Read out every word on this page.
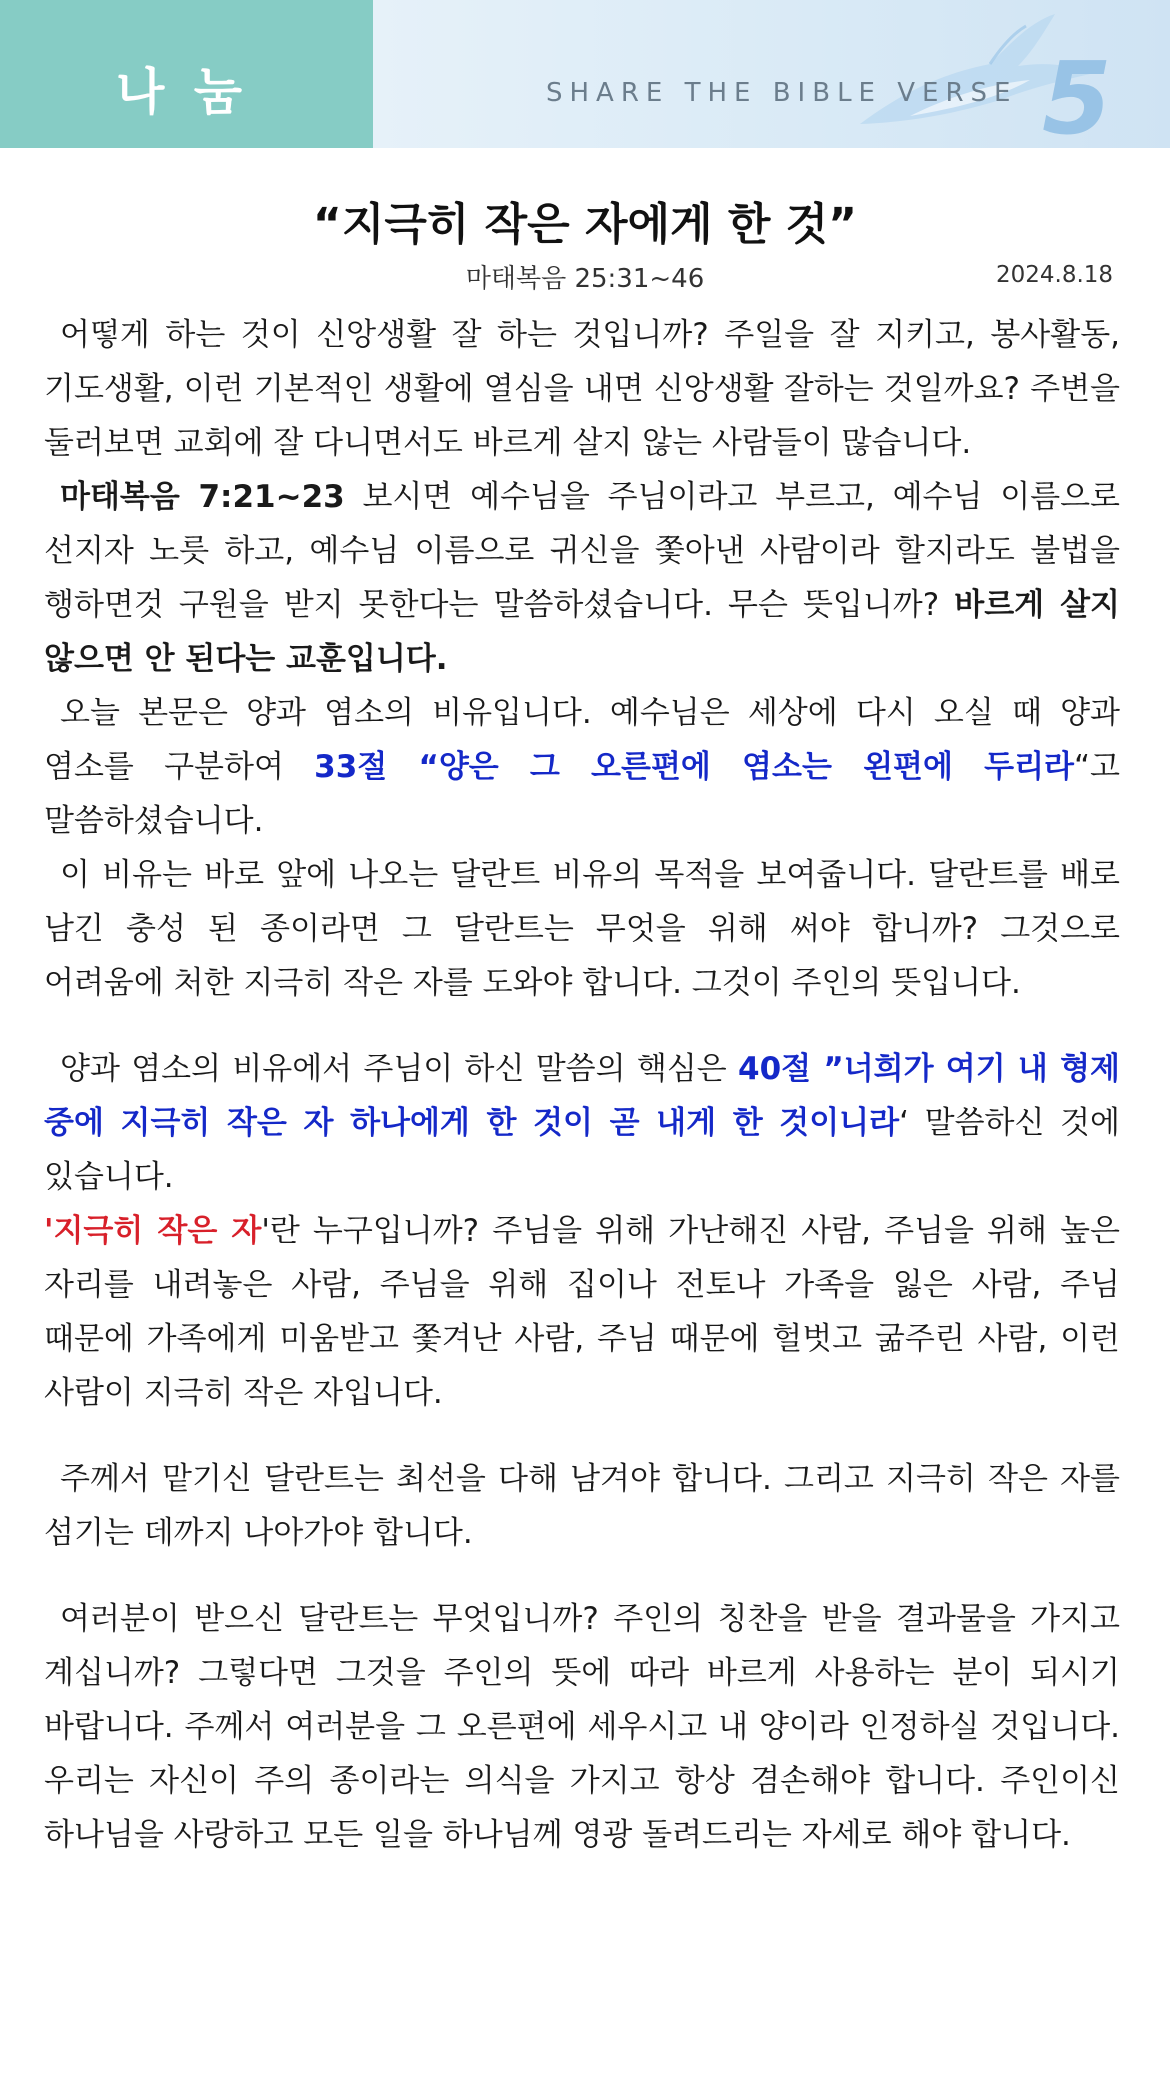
나 눔	SHARE THE BIBLE VERSE 5
“지극히 작은 자에게 한 것”
마태복음 25:31~46	2024.8.18

어떻게 하는 것이 신앙생활 잘 하는 것입니까? 주일을 잘 지키고, 봉사활동, 기도생활, 이런 기본적인 생활에 열심을 내면 신앙생활 잘하는 것일까요? 주변을 둘러보면 교회에 잘 다니면서도 바르게 살지 않는 사람들이 많습니다.

마태복음 7:21~23 보시면 예수님을 주님이라고 부르고, 예수님 이름으로 선지자 노릇 하고, 예수님 이름으로 귀신을 쫓아낸 사람이라 할지라도 불법을 행하면것 구원을 받지 못한다는 말씀하셨습니다. 무슨 뜻입니까? 바르게 살지 않으면 안 된다는 교훈입니다.

오늘 본문은 양과 염소의 비유입니다. 예수님은 세상에 다시 오실 때 양과 염소를 구분하여 33절 “양은 그 오른편에 염소는 왼편에 두리라“고 말씀하셨습니다.

이 비유는 바로 앞에 나오는 달란트 비유의 목적을 보여줍니다. 달란트를 배로 남긴 충성 된 종이라면 그 달란트는 무엇을 위해 써야 합니까? 그것으로 어려움에 처한 지극히 작은 자를 도와야 합니다. 그것이 주인의 뜻입니다.

양과 염소의 비유에서 주님이 하신 말씀의 핵심은 40절 ”너희가 여기 내 형제 중에 지극히 작은 자 하나에게 한 것이 곧 내게 한 것이니라‘ 말씀하신 것에 있습니다.

'지극히 작은 자'란 누구입니까? 주님을 위해 가난해진 사람, 주님을 위해 높은 자리를 내려놓은 사람, 주님을 위해 집이나 전토나 가족을 잃은 사람, 주님 때문에 가족에게 미움받고 쫓겨난 사람, 주님 때문에 헐벗고 굶주린 사람, 이런 사람이 지극히 작은 자입니다.

주께서 맡기신 달란트는 최선을 다해 남겨야 합니다. 그리고 지극히 작은 자를 섬기는 데까지 나아가야 합니다.

여러분이 받으신 달란트는 무엇입니까? 주인의 칭찬을 받을 결과물을 가지고 계십니까? 그렇다면 그것을 주인의 뜻에 따라 바르게 사용하는 분이 되시기 바랍니다. 주께서 여러분을 그 오른편에 세우시고 내 양이라 인정하실 것입니다. 우리는 자신이 주의 종이라는 의식을 가지고 항상 겸손해야 합니다. 주인이신 하나님을 사랑하고 모든 일을 하나님께 영광 돌려드리는 자세로 해야 합니다.
